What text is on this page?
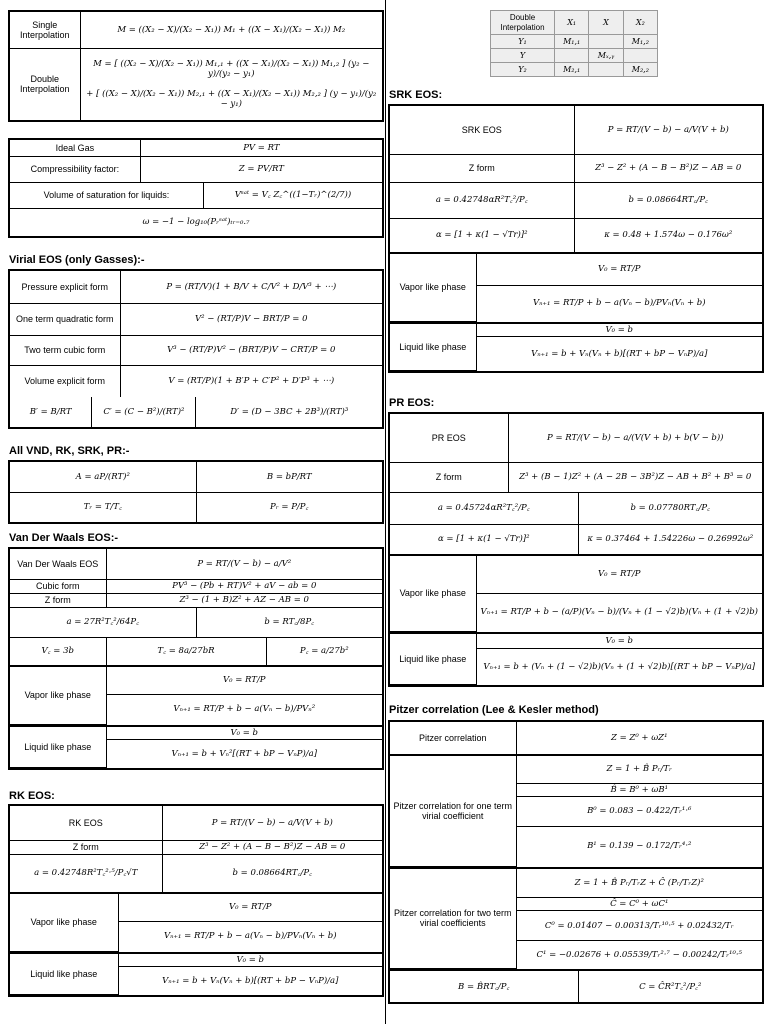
Single Interpolation	M = ((X₂ − X)/(X₂ − X₁)) M₁ + ((X − X₁)/(X₂ − X₁)) M₂
Double Interpolation	M = [ ((X₂ − X)/(X₂ − X₁)) M₁,₁ + ((X − X₁)/(X₂ − X₁)) M₁,₂ ] (y₂ − y)/(y₂ − y₁)
+ [ ((X₂ − X)/(X₂ − X₁)) M₂,₁ + ((X − X₁)/(X₂ − X₁)) M₂,₂ ] (y − y₁)/(y₂ − y₁)
Ideal Gas	PV = RT	
Compressibility factor:	Z = PV/RT	
Volume of saturation for liquids:		Vˢᵃᵗ = V꜀ Z꜀^((1−Tᵣ)^(2/7))
ω = −1 − log₁₀(Pᵣˢᵃᵗ)ₜᵣ₌₀.₇		
Virial EOS (only Gasses):-
Pressure explicit form	P = (RT/V)(1 + B/V + C/V² + D/V³ + ⋯)
One term quadratic form	V² − (RT/P)V − BRT/P = 0
Two term cubic form	V³ − (RT/P)V² − (BRT/P)V − CRT/P = 0
Volume explicit form	V = (RT/P)(1 + B′P + C′P² + D′P³ + ⋯)
B′ = B/RT	C′ = (C − B²)/(RT)²	D′ = (D − 3BC + 2B³)/(RT)³
All VND, RK, SRK, PR:-
A = aP/(RT)²	B = bP/RT
Tᵣ = T/T꜀	Pᵣ = P/P꜀
Van Der Waals EOS:-
Van Der Waals EOS	P = RT/(V − b) − a/V²		
Cubic form	PV³ − (Pb + RT)V² + aV − ab = 0		
Z form	Z³ − (1 + B)Z² + AZ − AB = 0		
a = 27R²T꜀²/64P꜀		b = RT꜀/8P꜀	
V꜀ = 3b	T꜀ = 8a/27bR		P꜀ = a/27b²
Vapor like phase	V₀ = RT/P
Vₙ₊₁ = RT/P + b − a(Vₙ − b)/PVₙ²
Liquid like phase	V₀ = b
Vₙ₊₁ = b + Vₙ²[(RT + bP − VₙP)/a]
RK EOS:
RK EOS	P = RT/(V − b) − a/V(V + b)
Z form	Z³ − Z² + (A − B − B²)Z − AB = 0
a = 0.42748R²T꜀²·⁵/P꜀√T	b = 0.08664RT꜀/P꜀
Vapor like phase	V₀ = RT/P
Vₙ₊₁ = RT/P + b − a(Vₙ − b)/PVₙ(Vₙ + b)
Liquid like phase	V₀ = b
Vₙ₊₁ = b + Vₙ(Vₙ + b)[(RT + bP − VₙP)/a]
Double Interpolation	X₁	X	X₂
Y₁	M₁,₁		M₁,₂
Y		Mₓ,ᵧ	
Y₂	M₂,₁		M₂,₂
SRK EOS:
SRK EOS	P = RT/(V − b) − a/V(V + b)
Z form	Z³ − Z² + (A − B − B²)Z − AB = 0
a = 0.42748αR²T꜀²/P꜀	b = 0.08664RT꜀/P꜀
α = [1 + κ(1 − √Tr)]²	κ = 0.48 + 1.574ω − 0.176ω²
Vapor like phase	V₀ = RT/P
Vₙ₊₁ = RT/P + b − a(Vₙ − b)/PVₙ(Vₙ + b)
Liquid like phase	V₀ = b
Vₙ₊₁ = b + Vₙ(Vₙ + b)[(RT + bP − VₙP)/a]
PR EOS:
PR EOS	P = RT/(V − b) − a/(V(V + b) + b(V − b))	
Z form	Z³ + (B − 1)Z² + (A − 2B − 3B²)Z − AB + B² + B³ = 0	
a = 0.45724αR²T꜀²/P꜀		b = 0.07780RT꜀/P꜀
α = [1 + κ(1 − √Tr)]²		κ = 0.37464 + 1.54226ω − 0.26992ω²
Vapor like phase	V₀ = RT/P
Vₙ₊₁ = RT/P + b − (a/P)(Vₙ − b)/(Vₙ + (1 − √2)b)(Vₙ + (1 + √2)b)
Liquid like phase	V₀ = b
Vₙ₊₁ = b + (Vₙ + (1 − √2)b)(Vₙ + (1 + √2)b)[(RT + bP − VₙP)/a]
Pitzer correlation (Lee & Kesler method)
Pitzer correlation	Z = Z⁰ + ωZ¹
Pitzer correlation for one term virial coefficient	Z = 1 + B̂ Pᵣ/Tᵣ
B̂ = B⁰ + ωB¹
B⁰ = 0.083 − 0.422/Tᵣ¹·⁶
B¹ = 0.139 − 0.172/Tᵣ⁴·²
Pitzer correlation for two term virial coefficients	Z = 1 + B̂ Pᵣ/TᵣZ + Ĉ (Pᵣ/TᵣZ)²
Ĉ = C⁰ + ωC¹
C⁰ = 0.01407 − 0.00313/Tᵣ¹⁰·⁵ + 0.02432/Tᵣ
C¹ = −0.02676 + 0.05539/Tᵣ²·⁷ − 0.00242/Tᵣ¹⁰·⁵
B = B̂RT꜀/P꜀	C = ĈR²T꜀²/P꜀²
